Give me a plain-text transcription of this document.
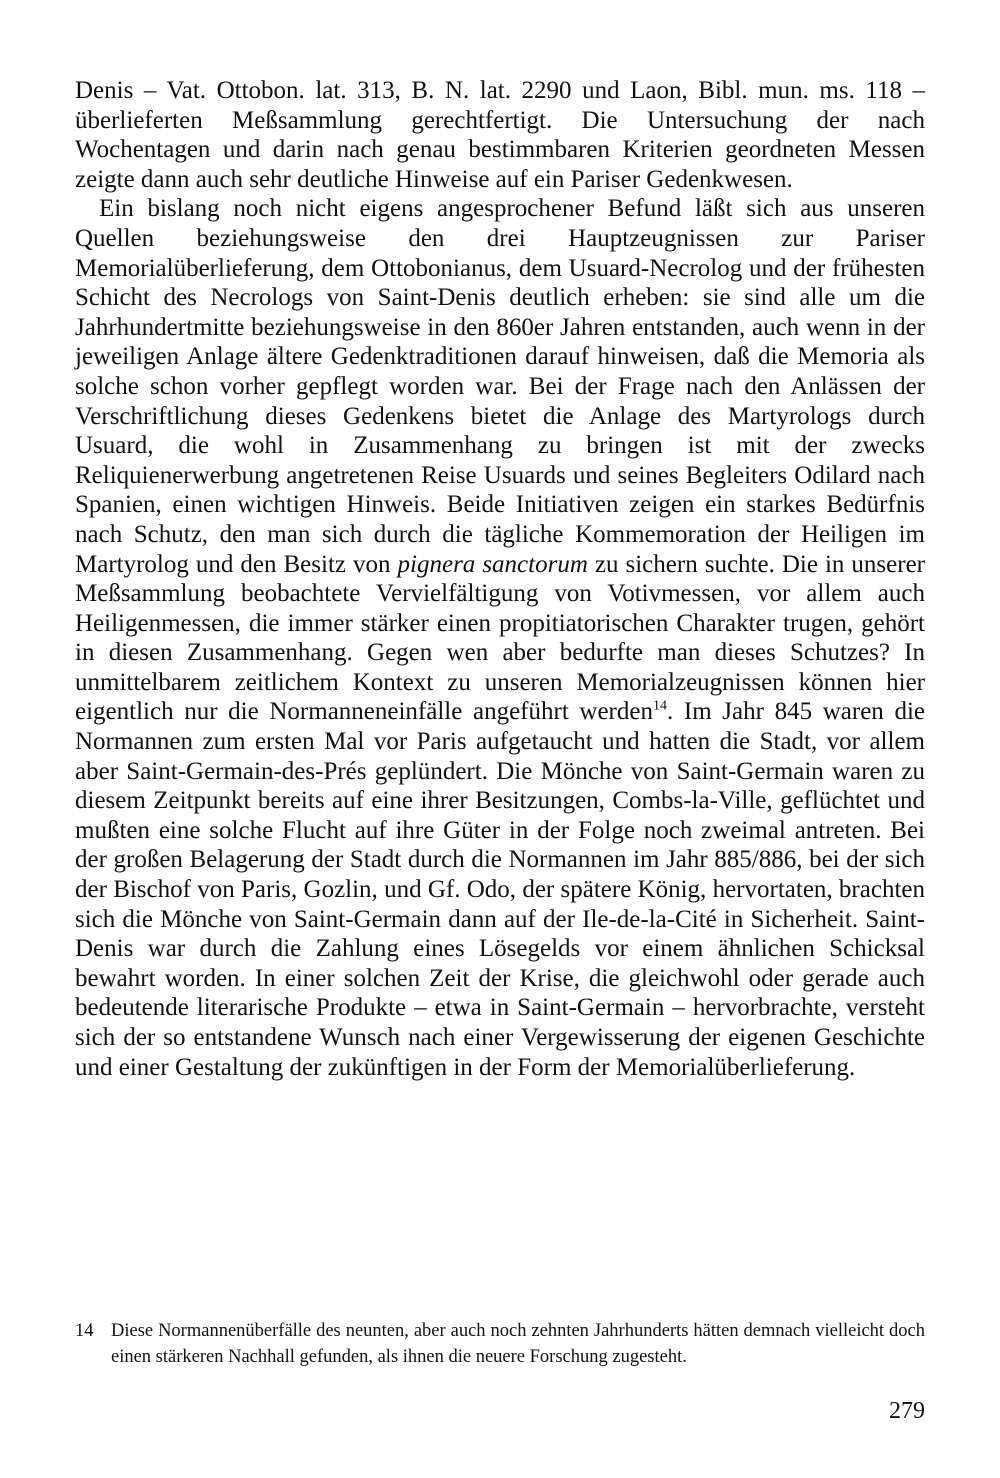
Denis – Vat. Ottobon. lat. 313, B. N. lat. 2290 und Laon, Bibl. mun. ms. 118 – überlieferten Meßsammlung gerechtfertigt. Die Untersuchung der nach Wochentagen und darin nach genau bestimmbaren Kriterien geordneten Messen zeigte dann auch sehr deutliche Hinweise auf ein Pariser Gedenkwesen.

Ein bislang noch nicht eigens angesprochener Befund läßt sich aus unseren Quellen beziehungsweise den drei Hauptzeugnissen zur Pariser Memorialüberlieferung, dem Ottobonianus, dem Usuard-Necrolog und der frühesten Schicht des Necrologs von Saint-Denis deutlich erheben: sie sind alle um die Jahrhundertmitte beziehungsweise in den 860er Jahren entstanden, auch wenn in der jeweiligen Anlage ältere Gedenktraditionen darauf hinweisen, daß die Memoria als solche schon vorher gepflegt worden war. Bei der Frage nach den Anlässen der Verschriftlichung dieses Gedenkens bietet die Anlage des Martyrologs durch Usuard, die wohl in Zusammenhang zu bringen ist mit der zwecks Reliquienerwerbung angetretenen Reise Usuards und seines Begleiters Odilard nach Spanien, einen wichtigen Hinweis. Beide Initiativen zeigen ein starkes Bedürfnis nach Schutz, den man sich durch die tägliche Kommemoration der Heiligen im Martyrolog und den Besitz von pignera sanctorum zu sichern suchte. Die in unserer Meßsammlung beobachtete Vervielfältigung von Votivmessen, vor allem auch Heiligenmessen, die immer stärker einen propitiatorischen Charakter trugen, gehört in diesen Zusammenhang. Gegen wen aber bedurfte man dieses Schutzes? In unmittelbarem zeitlichem Kontext zu unseren Memorialzeugnissen können hier eigentlich nur die Normanneneinfälle angeführt werden$^{14}$. Im Jahr 845 waren die Normannen zum ersten Mal vor Paris aufgetaucht und hatten die Stadt, vor allem aber Saint-Germain-des-Prés geplündert. Die Mönche von Saint-Germain waren zu diesem Zeitpunkt bereits auf eine ihrer Besitzungen, Combs-la-Ville, geflüchtet und mußten eine solche Flucht auf ihre Güter in der Folge noch zweimal antreten. Bei der großen Belagerung der Stadt durch die Normannen im Jahr 885/886, bei der sich der Bischof von Paris, Gozlin, und Gf. Odo, der spätere König, hervortaten, brachten sich die Mönche von Saint-Germain dann auf der Ile-de-la-Cité in Sicherheit. Saint-Denis war durch die Zahlung eines Lösegelds vor einem ähnlichen Schicksal bewahrt worden. In einer solchen Zeit der Krise, die gleichwohl oder gerade auch bedeutende literarische Produkte – etwa in Saint-Germain – hervorbrachte, versteht sich der so entstandene Wunsch nach einer Vergewisserung der eigenen Geschichte und einer Gestaltung der zukünftigen in der Form der Memorialüberlieferung.

14 Diese Normannenüberfälle des neunten, aber auch noch zehnten Jahrhunderts hätten demnach vielleicht doch einen stärkeren Nachhall gefunden, als ihnen die neuere Forschung zugesteht.
279
